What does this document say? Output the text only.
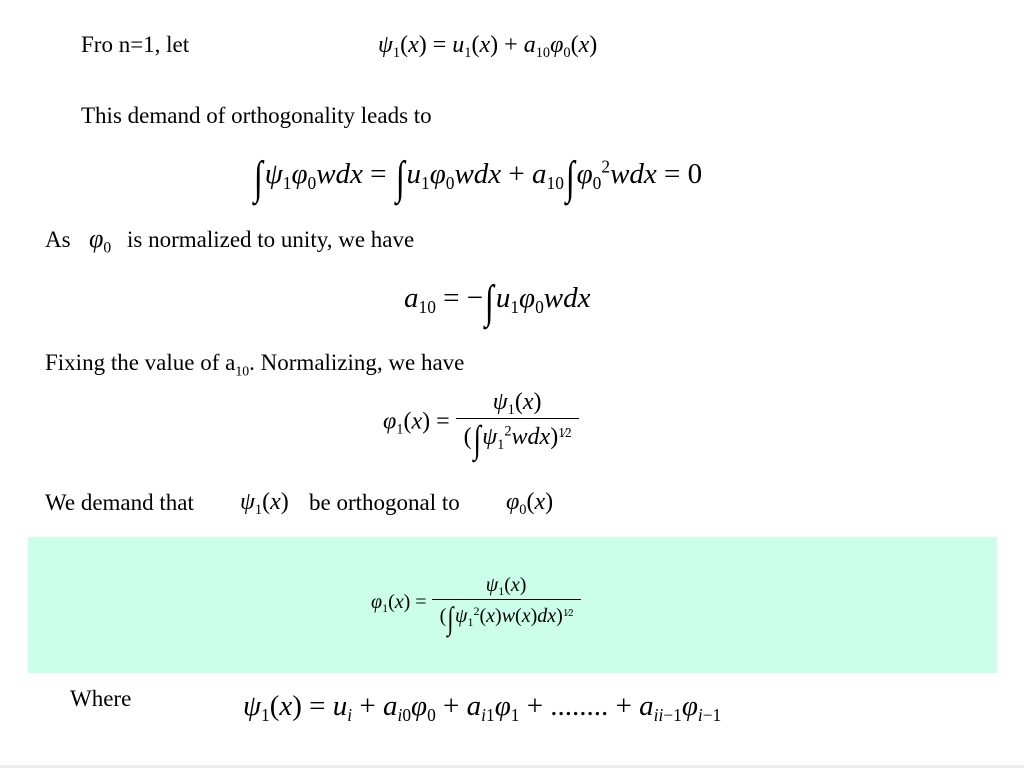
Fro n=1, let	$\psi_1(x) = u_1(x) + a_{10}\varphi_0(x)$
This demand of orthogonality leads to
$\int\psi_1\varphi_0wdx = \int u_1\varphi_0wdx + a_{10}\int\varphi_0^2wdx = 0$
As $\varphi_0$ is normalized to unity, we have
$a_{10} = -\int u_1\varphi_0wdx$
Fixing the value of $a_{10}$. Normalizing, we have
$\varphi_1(x) = \frac{\psi_1(x)}{(\int\psi_1^2wdx)^{1⁄2}}$
We demand that $\psi_1(x)$ be orthogonal to $\varphi_0(x)$
$\varphi_1(x) = \frac{\psi_1(x)}{(\int\psi_1^2(x)w(x)dx)^{1⁄2}}$
Where	$\psi_1(x) = u_i + a_{i0}\varphi_0 + a_{i1}\varphi_1$ + ........ + $a_{ii-1}\varphi_{i-1}$
